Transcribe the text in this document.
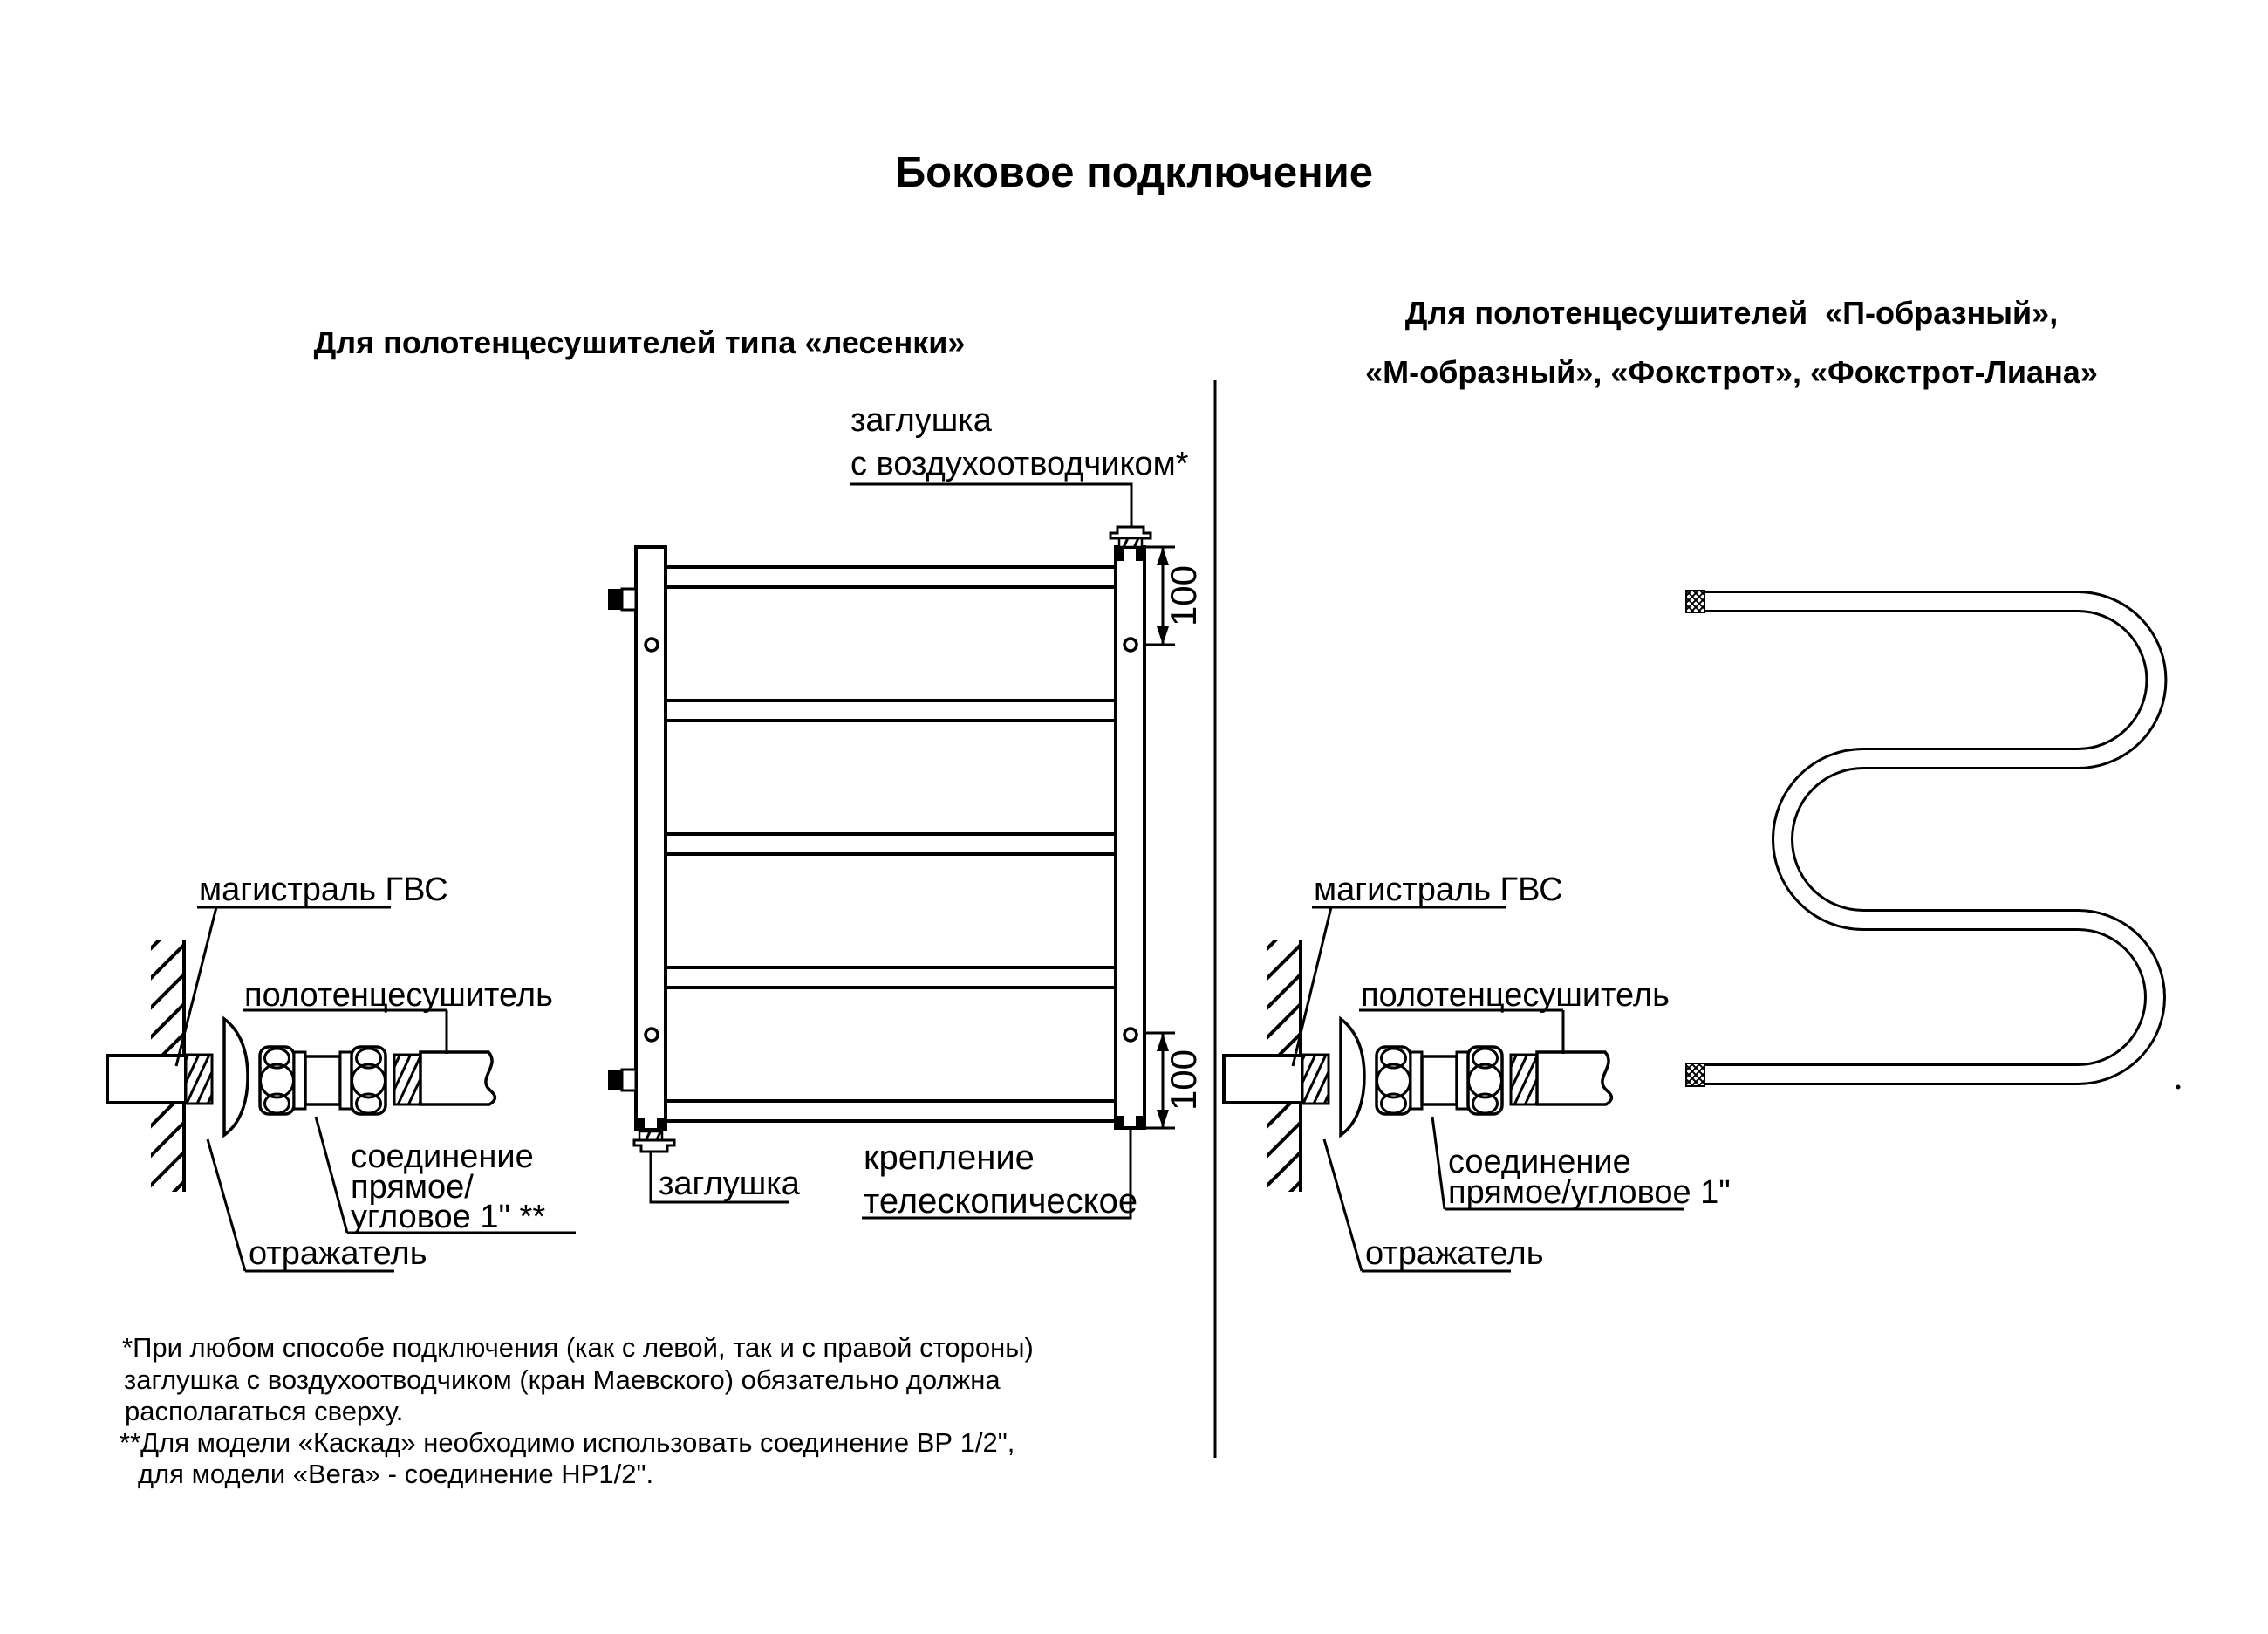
100
100
Боковое подключение
Для полотенцесушителей типа «лесенки»
Для полотенцесушителей  «П-образный»,
«М-образный», «Фокстрот», «Фокстрот-Лиана»
заглушка
с воздухоотводчиком*
заглушка
крепление
телескопическое
магистраль ГВС
полотенцесушитель
соединение
прямое/
угловое 1" **
отражатель
магистраль ГВС
полотенцесушитель
соединение
прямое/угловое 1"
отражатель
*При любом способе подключения (как с левой, так и с правой стороны)
заглушка с воздухоотводчиком (кран Маевского) обязательно должна
располагаться сверху.
**Для модели «Каскад» необходимо использовать соединение ВР 1/2",
для модели «Вега» - соединение НР1/2".
